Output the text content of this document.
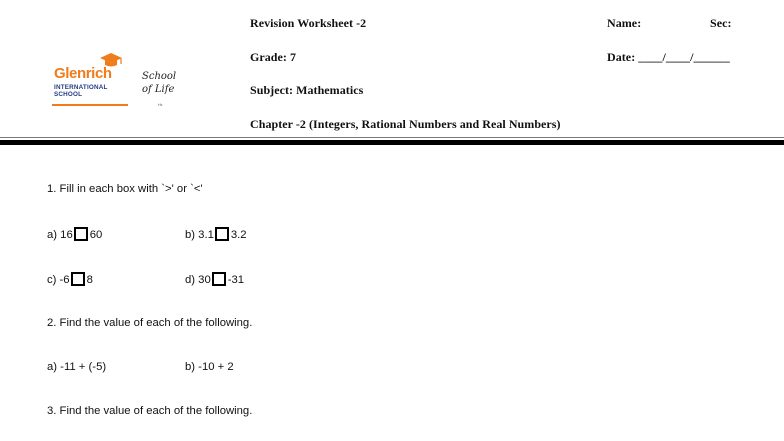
Glenrich
INTERNATIONAL
SCHOOL
School
of Life
Hr.
Revision Worksheet -2
Grade: 7
Subject: Mathematics
Chapter -2 (Integers, Rational Numbers and Real Numbers)
Name:	Sec:
Date: ____/____/______
1. Fill in each box with `>' or `<'
a) 16 60	b) 3.1 3.2
c) -6 8	d) 30 -31
2. Find the value of each of the following.
a) -11 + (-5)	b) -10 + 2
3. Find the value of each of the following.
